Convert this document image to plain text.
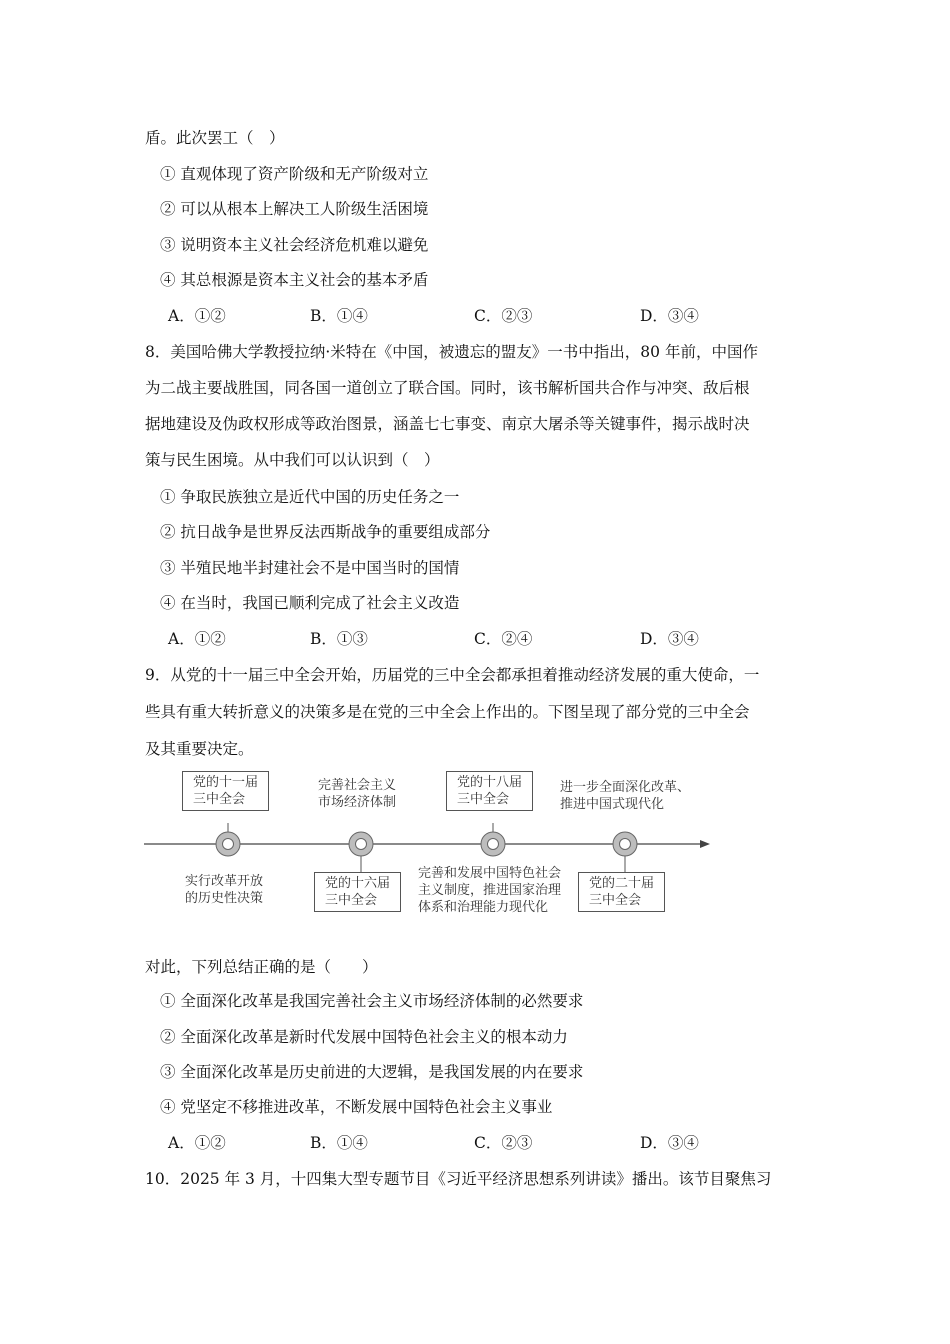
盾。此次罢工（　）
① 直观体现了资产阶级和无产阶级对立
② 可以从根本上解决工人阶级生活困境
③ 说明资本主义社会经济危机难以避免
④ 其总根源是资本主义社会的基本矛盾
A．①②	B．①④	C．②③	D．③④
8．美国哈佛大学教授拉纳·米特在《中国，被遗忘的盟友》一书中指出，80 年前，中国作
为二战主要战胜国，同各国一道创立了联合国。同时，该书解析国共合作与冲突、敌后根
据地建设及伪政权形成等政治图景，涵盖七七事变、南京大屠杀等关键事件，揭示战时决
策与民生困境。从中我们可以认识到（　）
① 争取民族独立是近代中国的历史任务之一
② 抗日战争是世界反法西斯战争的重要组成部分
③ 半殖民地半封建社会不是中国当时的国情
④ 在当时，我国已顺利完成了社会主义改造
A．①②	B．①③	C．②④	D．③④
9．从党的十一届三中全会开始，历届党的三中全会都承担着推动经济发展的重大使命，一
些具有重大转折意义的决策多是在党的三中全会上作出的。下图呈现了部分党的三中全会
及其重要决定。
党的十一届
三中全会
实行改革开放
的历史性决策
完善社会主义
市场经济体制
党的十六届
三中全会
党的十八届
三中全会
完善和发展中国特色社会
主义制度，推进国家治理
体系和治理能力现代化
进一步全面深化改革、
推进中国式现代化
党的二十届
三中全会
对此，下列总结正确的是（　　）
① 全面深化改革是我国完善社会主义市场经济体制的必然要求
② 全面深化改革是新时代发展中国特色社会主义的根本动力
③ 全面深化改革是历史前进的大逻辑，是我国发展的内在要求
④ 党坚定不移推进改革，不断发展中国特色社会主义事业
A．①②	B．①④	C．②③	D．③④
10．2025 年 3 月，十四集大型专题节目《习近平经济思想系列讲读》播出。该节目聚焦习
